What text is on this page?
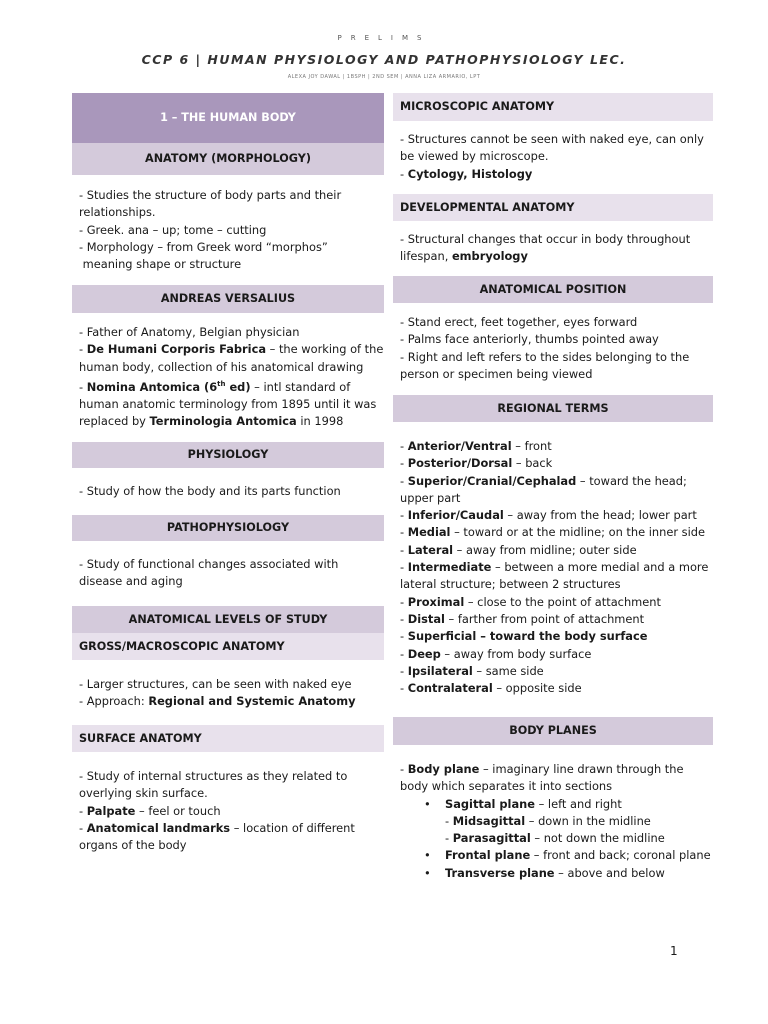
PRELIMS
CCP 6 | HUMAN PHYSIOLOGY AND PATHOPHYSIOLOGY LEC.
ALEXA JOY DAWAL | 1BSPH | 2ND SEM | ANNA LIZA ARMARIO, LPT
1 – THE HUMAN BODY
ANATOMY (MORPHOLOGY)

- Studies the structure of body parts and their relationships.

- Greek. ana – up; tome – cutting

- Morphology – from Greek word “morphos”

meaning shape or structure

ANDREAS VERSALIUS

- Father of Anatomy, Belgian physician

- De Humani Corporis Fabrica – the working of the human body, collection of his anatomical drawing

- Nomina Antomica (6th ed) – intl standard of human anatomic terminology from 1895 until it was replaced by Terminologia Antomica in 1998

PHYSIOLOGY

- Study of how the body and its parts function

PATHOPHYSIOLOGY

- Study of functional changes associated with disease and aging

ANATOMICAL LEVELS OF STUDY
GROSS/MACROSCOPIC ANATOMY

- Larger structures, can be seen with naked eye

- Approach: Regional and Systemic Anatomy

SURFACE ANATOMY

- Study of internal structures as they related to overlying skin surface.

- Palpate – feel or touch

- Anatomical landmarks – location of different organs of the body

MICROSCOPIC ANATOMY

- Structures cannot be seen with naked eye, can only be viewed by microscope.

- Cytology, Histology

DEVELOPMENTAL ANATOMY

- Structural changes that occur in body throughout lifespan, embryology

ANATOMICAL POSITION

- Stand erect, feet together, eyes forward

- Palms face anteriorly, thumbs pointed away

- Right and left refers to the sides belonging to the person or specimen being viewed

REGIONAL TERMS

- Anterior/Ventral – front

- Posterior/Dorsal – back

- Superior/Cranial/Cephalad – toward the head; upper part

- Inferior/Caudal – away from the head; lower part

- Medial – toward or at the midline; on the inner side

- Lateral – away from midline; outer side

- Intermediate – between a more medial and a more lateral structure; between 2 structures

- Proximal – close to the point of attachment

- Distal – farther from point of attachment

- Superficial – toward the body surface

- Deep – away from body surface

- Ipsilateral – same side

- Contralateral – opposite side

BODY PLANES

- Body plane – imaginary line drawn through the body which separates it into sections

• Sagittal plane – left and right

- Midsagittal – down in the midline

- Parasagittal – not down the midline

• Frontal plane – front and back; coronal plane

• Transverse plane – above and below

1
